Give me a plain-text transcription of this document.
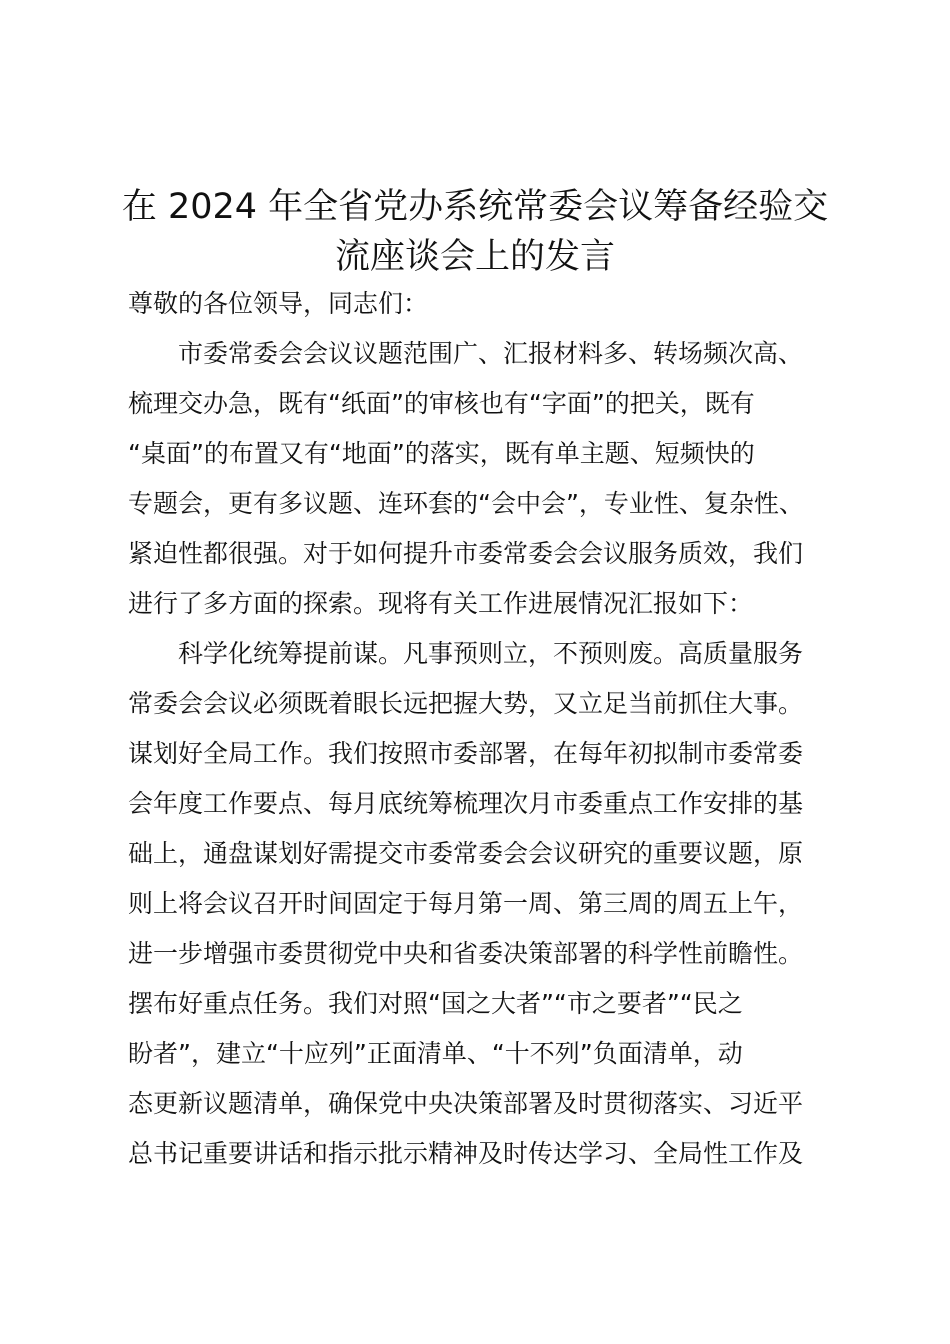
在 2024 年全省党办系统常委会议筹备经验交
流座谈会上的发言

尊敬的各位领导，同志们：

　　市委常委会会议议题范围广、汇报材料多、转场频次高、

梳理交办急，既有“纸面”的审核也有“字面”的把关，既有

“桌面”的布置又有“地面”的落实，既有单主题、短频快的

专题会，更有多议题、连环套的“会中会”，专业性、复杂性、

紧迫性都很强。对于如何提升市委常委会会议服务质效，我们

进行了多方面的探索。现将有关工作进展情况汇报如下：

　　科学化统筹提前谋。凡事预则立，不预则废。高质量服务

常委会会议必须既着眼长远把握大势，又立足当前抓住大事。

谋划好全局工作。我们按照市委部署，在每年初拟制市委常委

会年度工作要点、每月底统筹梳理次月市委重点工作安排的基

础上，通盘谋划好需提交市委常委会会议研究的重要议题，原

则上将会议召开时间固定于每月第一周、第三周的周五上午，

进一步增强市委贯彻党中央和省委决策部署的科学性前瞻性。

摆布好重点任务。我们对照“国之大者”“市之要者”“民之

盼者”，建立“十应列”正面清单、“十不列”负面清单，动

态更新议题清单，确保党中央决策部署及时贯彻落实、习近平

总书记重要讲话和指示批示精神及时传达学习、全局性工作及
